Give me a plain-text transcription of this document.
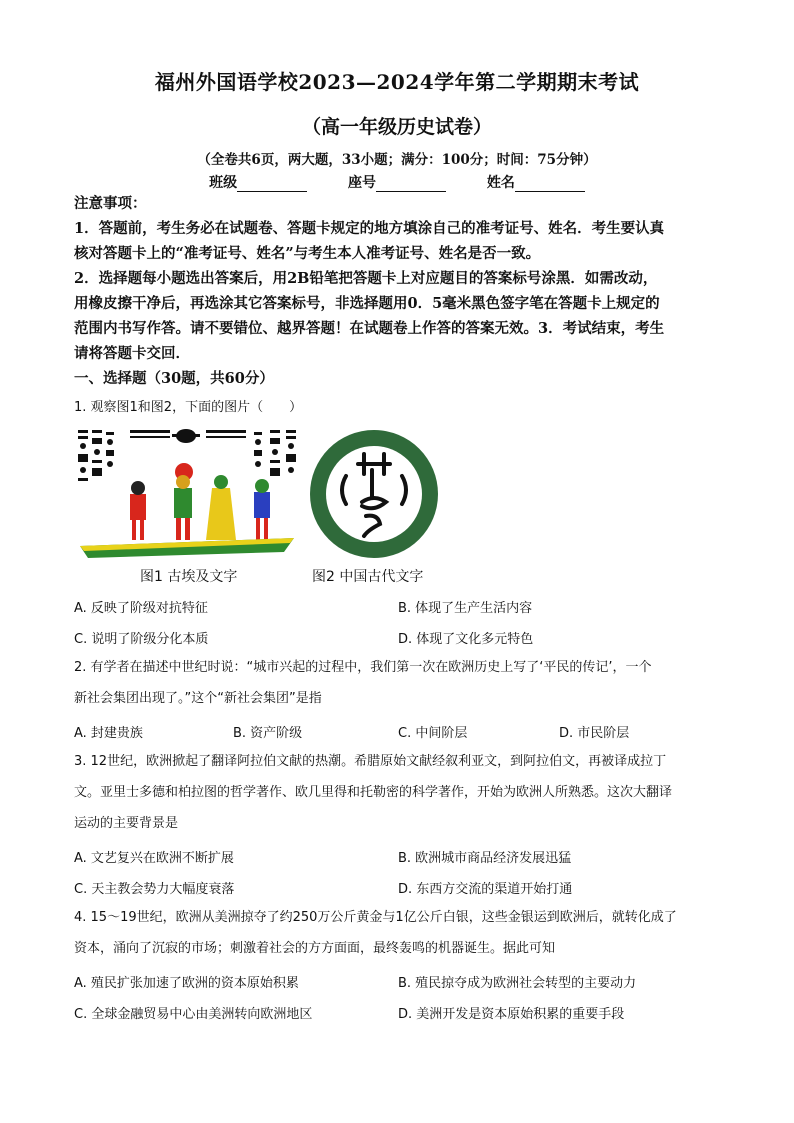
福州外国语学校2023—2024学年第二学期期末考试
（高一年级历史试卷）
（全卷共6页，两大题，33小题；满分：100分；时间：75分钟）
班级	座号	姓名
注意事项：
1．答题前，考生务必在试题卷、答题卡规定的地方填涂自己的准考证号、姓名．考生要认真
核对答题卡上的“准考证号、姓名”与考生本人准考证号、姓名是否一致。
2．选择题每小题选出答案后，用2B铅笔把答题卡上对应题目的答案标号涂黑．如需改动，
用橡皮擦干净后，再选涂其它答案标号，非选择题用0．5毫米黑色签字笔在答题卡上规定的
范围内书写作答。请不要错位、越界答题！在试题卷上作答的答案无效。3．考试结束，考生
请将答题卡交回．
一、选择题（30题，共60分）
1. 观察图1和图2，下面的图片（　　）
图1 古埃及文字	图2 中国古代文字
A. 反映了阶级对抗特征	B. 体现了生产生活内容
C. 说明了阶级分化本质	D. 体现了文化多元特色
2. 有学者在描述中世纪时说：“城市兴起的过程中，我们第一次在欧洲历史上写了‘平民的传记’，一个
新社会集团出现了。”这个“新社会集团”是指
A. 封建贵族	B. 资产阶级	C. 中间阶层	D. 市民阶层
3. 12世纪，欧洲掀起了翻译阿拉伯文献的热潮。希腊原始文献经叙利亚文，到阿拉伯文，再被译成拉丁
文。亚里士多德和柏拉图的哲学著作、欧几里得和托勒密的科学著作，开始为欧洲人所熟悉。这次大翻译
运动的主要背景是
A. 文艺复兴在欧洲不断扩展	B. 欧洲城市商品经济发展迅猛
C. 天主教会势力大幅度衰落	D. 东西方交流的渠道开始打通
4. 15～19世纪，欧洲从美洲掠夺了约250万公斤黄金与1亿公斤白银，这些金银运到欧洲后，就转化成了
资本，涌向了沉寂的市场；刺激着社会的方方面面，最终轰鸣的机器诞生。据此可知
A. 殖民扩张加速了欧洲的资本原始积累	B. 殖民掠夺成为欧洲社会转型的主要动力
C. 全球金融贸易中心由美洲转向欧洲地区	D. 美洲开发是资本原始积累的重要手段
